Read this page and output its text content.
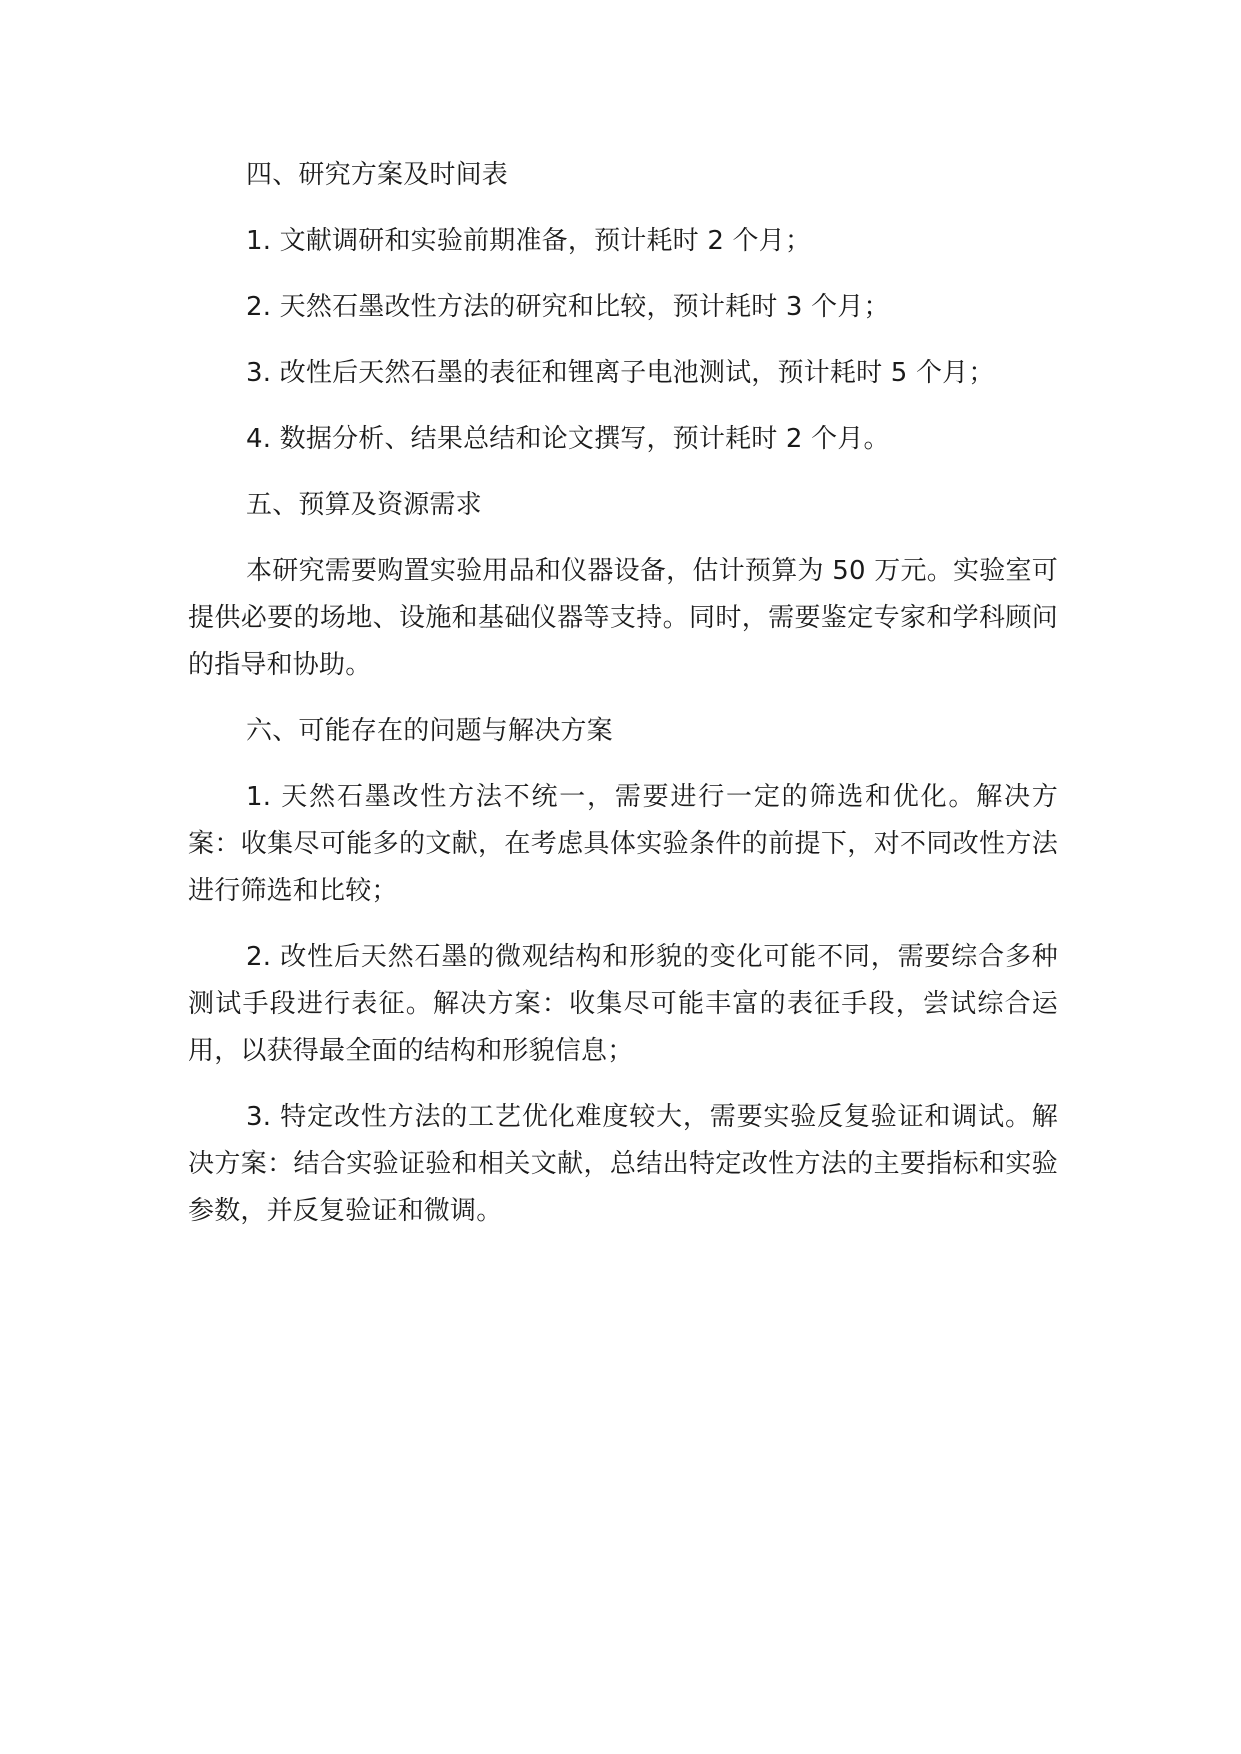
四、研究方案及时间表

1. 文献调研和实验前期准备，预计耗时 2 个月；

2. 天然石墨改性方法的研究和比较，预计耗时 3 个月；

3. 改性后天然石墨的表征和锂离子电池测试，预计耗时 5 个月；

4. 数据分析、结果总结和论文撰写，预计耗时 2 个月。

五、预算及资源需求

本研究需要购置实验用品和仪器设备，估计预算为 50 万元。实验室可提供必要的场地、设施和基础仪器等支持。同时，需要鉴定专家和学科顾问的指导和协助。

六、可能存在的问题与解决方案

1. 天然石墨改性方法不统一，需要进行一定的筛选和优化。解决方案：收集尽可能多的文献，在考虑具体实验条件的前提下，对不同改性方法进行筛选和比较；

2. 改性后天然石墨的微观结构和形貌的变化可能不同，需要综合多种测试手段进行表征。解决方案：收集尽可能丰富的表征手段，尝试综合运用，以获得最全面的结构和形貌信息；

3. 特定改性方法的工艺优化难度较大，需要实验反复验证和调试。解决方案：结合实验证验和相关文献，总结出特定改性方法的主要指标和实验参数，并反复验证和微调。
